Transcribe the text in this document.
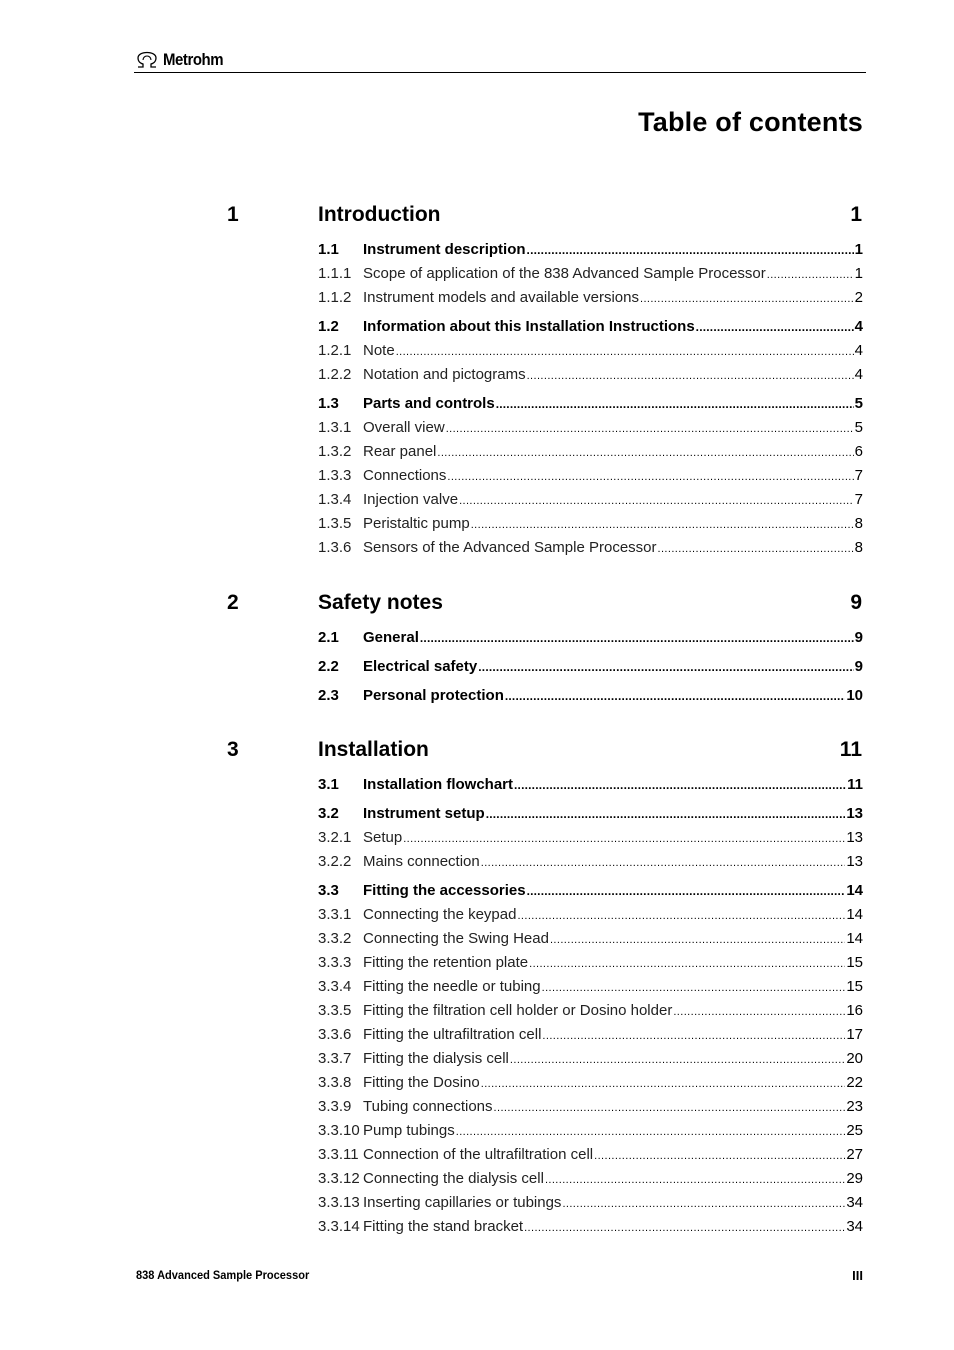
Metrohm
Table of contents
1	Introduction	1
1.1	Instrument description .....	1
1.1.1 Scope of application of the 838 Advanced Sample Processor .....	1
1.1.2 Instrument models and available versions .....	2
1.2	Information about this Installation Instructions .....	4
1.2.1 Note .....	4
1.2.2 Notation and pictograms .....	4
1.3	Parts and controls .....	5
1.3.1 Overall view .....	5
1.3.2 Rear panel .....	6
1.3.3 Connections .....	7
1.3.4 Injection valve .....	7
1.3.5 Peristaltic pump .....	8
1.3.6 Sensors of the Advanced Sample Processor .....	8
2	Safety notes	9
2.1	General .....	9
2.2	Electrical safety .....	9
2.3	Personal protection .....	10
3	Installation	11
3.1	Installation flowchart .....	11
3.2	Instrument setup .....	13
3.2.1 Setup .....	13
3.2.2 Mains connection .....	13
3.3	Fitting the accessories .....	14
3.3.1 Connecting the keypad .....	14
3.3.2 Connecting the Swing Head .....	14
3.3.3 Fitting the retention plate .....	15
3.3.4 Fitting the needle or tubing .....	15
3.3.5 Fitting the filtration cell holder or Dosino holder .....	16
3.3.6 Fitting the ultrafiltration cell .....	17
3.3.7 Fitting the dialysis cell .....	20
3.3.8 Fitting the Dosino .....	22
3.3.9 Tubing connections .....	23
3.3.10 Pump tubings .....	25
3.3.11 Connection of the ultrafiltration cell .....	27
3.3.12 Connecting the dialysis cell .....	29
3.3.13 Inserting capillaries or tubings .....	34
3.3.14 Fitting the stand bracket .....	34
838 Advanced Sample Processor	III
